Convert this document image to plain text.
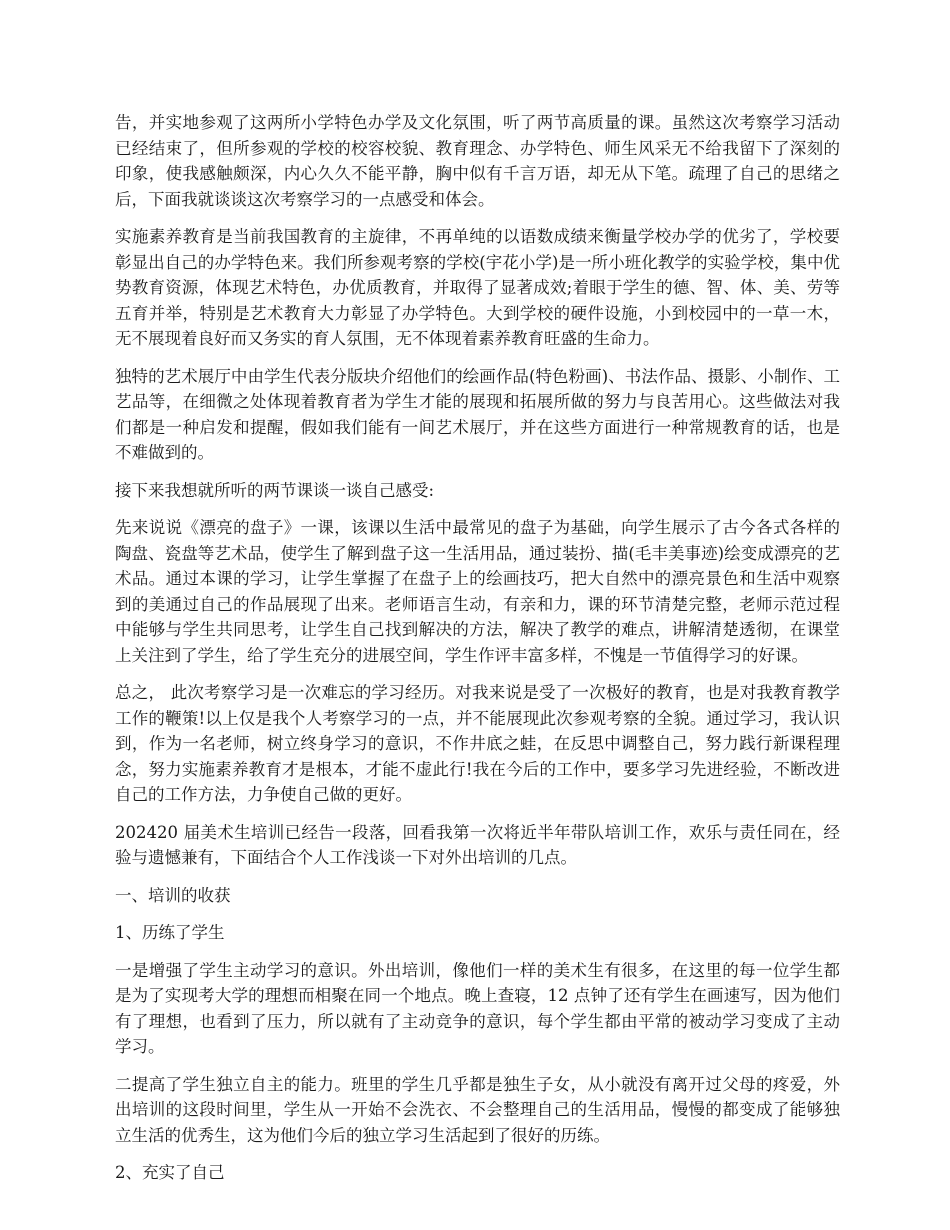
告，并实地参观了这两所小学特色办学及文化氛围，听了两节高质量的课。虽然这次考察学习活动已经结束了，但所参观的学校的校容校貌、教育理念、办学特色、师生风采无不给我留下了深刻的印象，使我感触颇深，内心久久不能平静，胸中似有千言万语，却无从下笔。疏理了自己的思绪之后，下面我就谈谈这次考察学习的一点感受和体会。

实施素养教育是当前我国教育的主旋律，不再单纯的以语数成绩来衡量学校办学的优劣了，学校要彰显出自己的办学特色来。我们所参观考察的学校(宇花小学)是一所小班化教学的实验学校，集中优势教育资源，体现艺术特色，办优质教育，并取得了显著成效;着眼于学生的德、智、体、美、劳等五育并举，特别是艺术教育大力彰显了办学特色。大到学校的硬件设施，小到校园中的一草一木，无不展现着良好而又务实的育人氛围，无不体现着素养教育旺盛的生命力。

独特的艺术展厅中由学生代表分版块介绍他们的绘画作品(特色粉画)、书法作品、摄影、小制作、工艺品等，在细微之处体现着教育者为学生才能的展现和拓展所做的努力与良苦用心。这些做法对我们都是一种启发和提醒，假如我们能有一间艺术展厅，并在这些方面进行一种常规教育的话，也是不难做到的。

接下来我想就所听的两节课谈一谈自己感受:

先来说说《漂亮的盘子》一课，该课以生活中最常见的盘子为基础，向学生展示了古今各式各样的陶盘、瓷盘等艺术品，使学生了解到盘子这一生活用品，通过装扮、描(毛丰美事迹)绘变成漂亮的艺术品。通过本课的学习，让学生掌握了在盘子上的绘画技巧，把大自然中的漂亮景色和生活中观察到的美通过自己的作品展现了出来。老师语言生动，有亲和力，课的环节清楚完整，老师示范过程中能够与学生共同思考，让学生自己找到解决的方法，解决了教学的难点，讲解清楚透彻，在课堂上关注到了学生，给了学生充分的进展空间，学生作评丰富多样，不愧是一节值得学习的好课。

总之， 此次考察学习是一次难忘的学习经历。对我来说是受了一次极好的教育，也是对我教育教学工作的鞭策!以上仅是我个人考察学习的一点，并不能展现此次参观考察的全貌。通过学习，我认识到，作为一名老师，树立终身学习的意识，不作井底之蛙，在反思中调整自己，努力践行新课程理念，努力实施素养教育才是根本，才能不虚此行!我在今后的工作中，要多学习先进经验，不断改进自己的工作方法，力争使自己做的更好。

202420 届美术生培训已经告一段落，回看我第一次将近半年带队培训工作，欢乐与责任同在，经验与遗憾兼有，下面结合个人工作浅谈一下对外出培训的几点。

一、培训的收获

1、历练了学生

一是增强了学生主动学习的意识。外出培训，像他们一样的美术生有很多，在这里的每一位学生都是为了实现考大学的理想而相聚在同一个地点。晚上查寝，12 点钟了还有学生在画速写，因为他们有了理想，也看到了压力，所以就有了主动竞争的意识，每个学生都由平常的被动学习变成了主动学习。

二提高了学生独立自主的能力。班里的学生几乎都是独生子女，从小就没有离开过父母的疼爱，外出培训的这段时间里，学生从一开始不会洗衣、不会整理自己的生活用品，慢慢的都变成了能够独立生活的优秀生，这为他们今后的独立学习生活起到了很好的历练。

2、充实了自己
